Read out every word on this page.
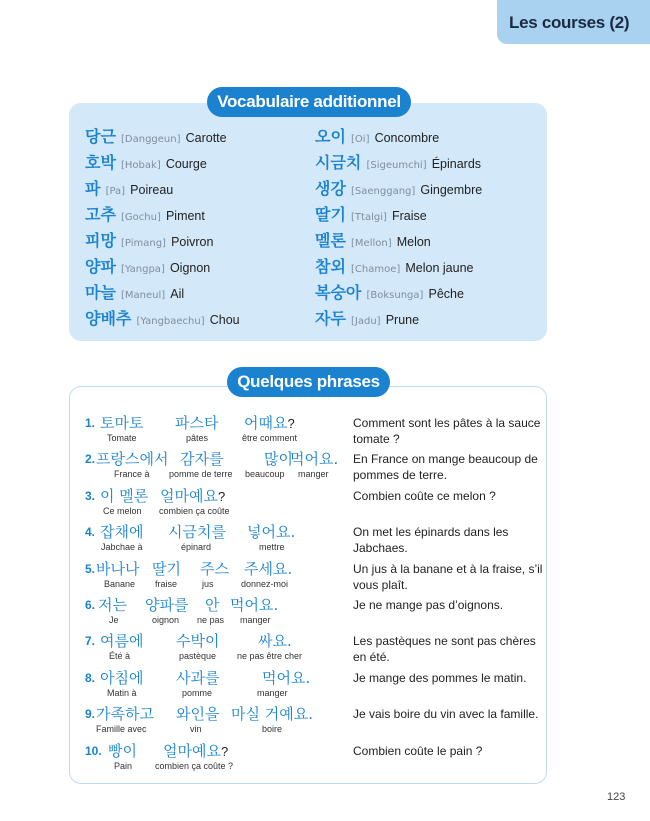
Les courses (2)
Vocabulaire additionnel
당근 [Danggeun] Carotte
호박 [Hobak] Courge
파 [Pa] Poireau
고추 [Gochu] Piment
피망 [Pimang] Poivron
양파 [Yangpa] Oignon
마늘 [Maneul] Ail
양배추 [Yangbaechu] Chou
오이 [Oi] Concombre
시금치 [Sigeumchi] Épinards
생강 [Saenggang] Gingembre
딸기 [Ttalgi] Fraise
멜론 [Mellon] Melon
참외 [Chamoe] Melon jaune
복숭아 [Boksunga] Pêche
자두 [Jadu] Prune
Quelques phrases
1. 토마토
Tomate
파스타
pâtes
어때요?
être comment
Comment sont les pâtes à la sauce tomate ?
2. 프랑스에서
France à
감자를
pomme de terre
많이
beaucoup
먹어요.
manger
En France on mange beaucoup de pommes de terre.
3. 이 멜론
Ce melon
얼마예요?
combien ça coûte
Combien coûte ce melon ?
4. 잡채에
Jabchae à
시금치를
épinard
넣어요.
mettre
On met les épinards dans les Jabchaes.
5. 바나나
Banane
딸기
fraise
주스
jus
주세요.
donnez-moi
Un jus à la banane et à la fraise, s’il vous plaît.
6. 저는
Je
양파를
oignon
안
ne pas
먹어요.
manger
Je ne mange pas d’oignons.
7. 여름에
Été à
수박이
pastèque
싸요.
ne pas être cher
Les pastèques ne sont pas chères en été.
8. 아침에
Matin à
사과를
pomme
먹어요.
manger
Je mange des pommes le matin.
9. 가족하고
Famille avec
와인을
vin
마실 거예요.
boire
Je vais boire du vin avec la famille.
10. 빵이
Pain
얼마예요?
combien ça coûte ?
Combien coûte le pain ?
123
